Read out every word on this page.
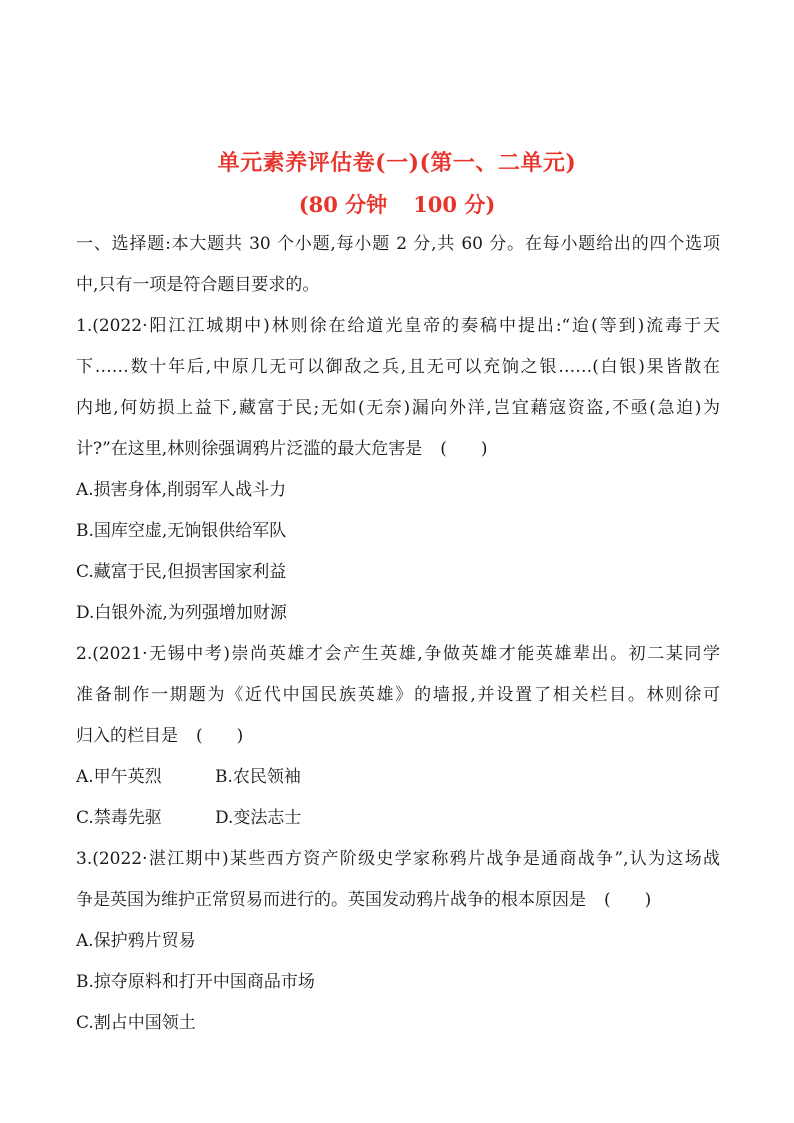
单元素养评估卷(一)(第一、二单元)
(80 分钟 100 分)
一、选择题:本大题共 30 个小题,每小题 2 分,共 60 分。在每小题给出的四个选项
中,只有一项是符合题目要求的。
1.(2022·阳江江城期中)林则徐在给道光皇帝的奏稿中提出:“迨(等到)流毒于天
下……数十年后,中原几无可以御敌之兵,且无可以充饷之银……(白银)果皆散在
内地,何妨损上益下,藏富于民;无如(无奈)漏向外洋,岂宜藉寇资盗,不亟(急迫)为
计?”在这里,林则徐强调鸦片泛滥的最大危害是 (　　)
A.损害身体,削弱军人战斗力
B.国库空虚,无饷银供给军队
C.藏富于民,但损害国家利益
D.白银外流,为列强增加财源
2.(2021·无锡中考)崇尚英雄才会产生英雄,争做英雄才能英雄辈出。初二某同学
准备制作一期题为《近代中国民族英雄》的墙报,并设置了相关栏目。林则徐可
归入的栏目是 (　　)
A.甲午英烈	B.农民领袖
C.禁毒先驱	D.变法志士
3.(2022·湛江期中)某些西方资产阶级史学家称鸦片战争是通商战争”,认为这场战
争是英国为维护正常贸易而进行的。英国发动鸦片战争的根本原因是 (　　)
A.保护鸦片贸易
B.掠夺原料和打开中国商品市场
C.割占中国领土
